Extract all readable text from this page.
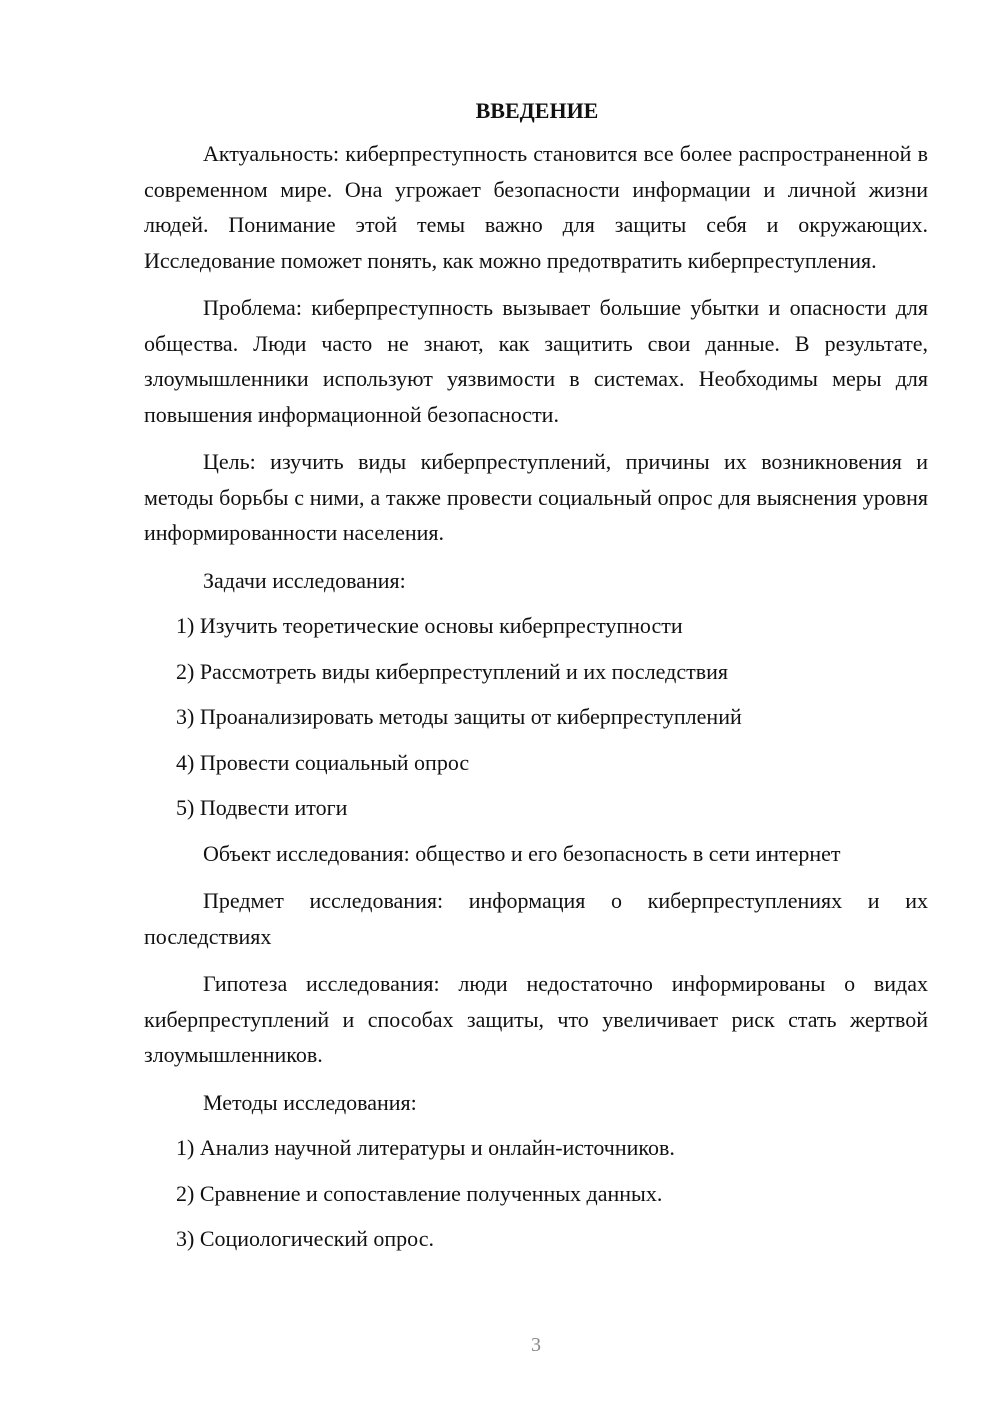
ВВЕДЕНИЕ

Актуальность: киберпреступность становится все более распространенной в современном мире. Она угрожает безопасности информации и личной жизни людей. Понимание этой темы важно для защиты себя и окружающих. Исследование поможет понять, как можно предотвратить киберпреступления.

Проблема: киберпреступность вызывает большие убытки и опасности для общества. Люди часто не знают, как защитить свои данные. В результате, злоумышленники используют уязвимости в системах. Необходимы меры для повышения информационной безопасности.

Цель: изучить виды киберпреступлений, причины их возникновения и методы борьбы с ними, а также провести социальный опрос для выяснения уровня информированности населения.

Задачи исследования:
1) Изучить теоретические основы киберпреступности
2) Рассмотреть виды киберпреступлений и их последствия
3) Проанализировать методы защиты от киберпреступлений
4) Провести социальный опрос
5) Подвести итоги

Объект исследования: общество и его безопасность в сети интернет

Предмет исследования: информация о киберпреступлениях и их последствиях

Гипотеза исследования: люди недостаточно информированы о видах киберпреступлений и способах защиты, что увеличивает риск стать жертвой злоумышленников.

Методы исследования:
1) Анализ научной литературы и онлайн-источников.
2) Сравнение и сопоставление полученных данных.
3) Социологический опрос.
3
